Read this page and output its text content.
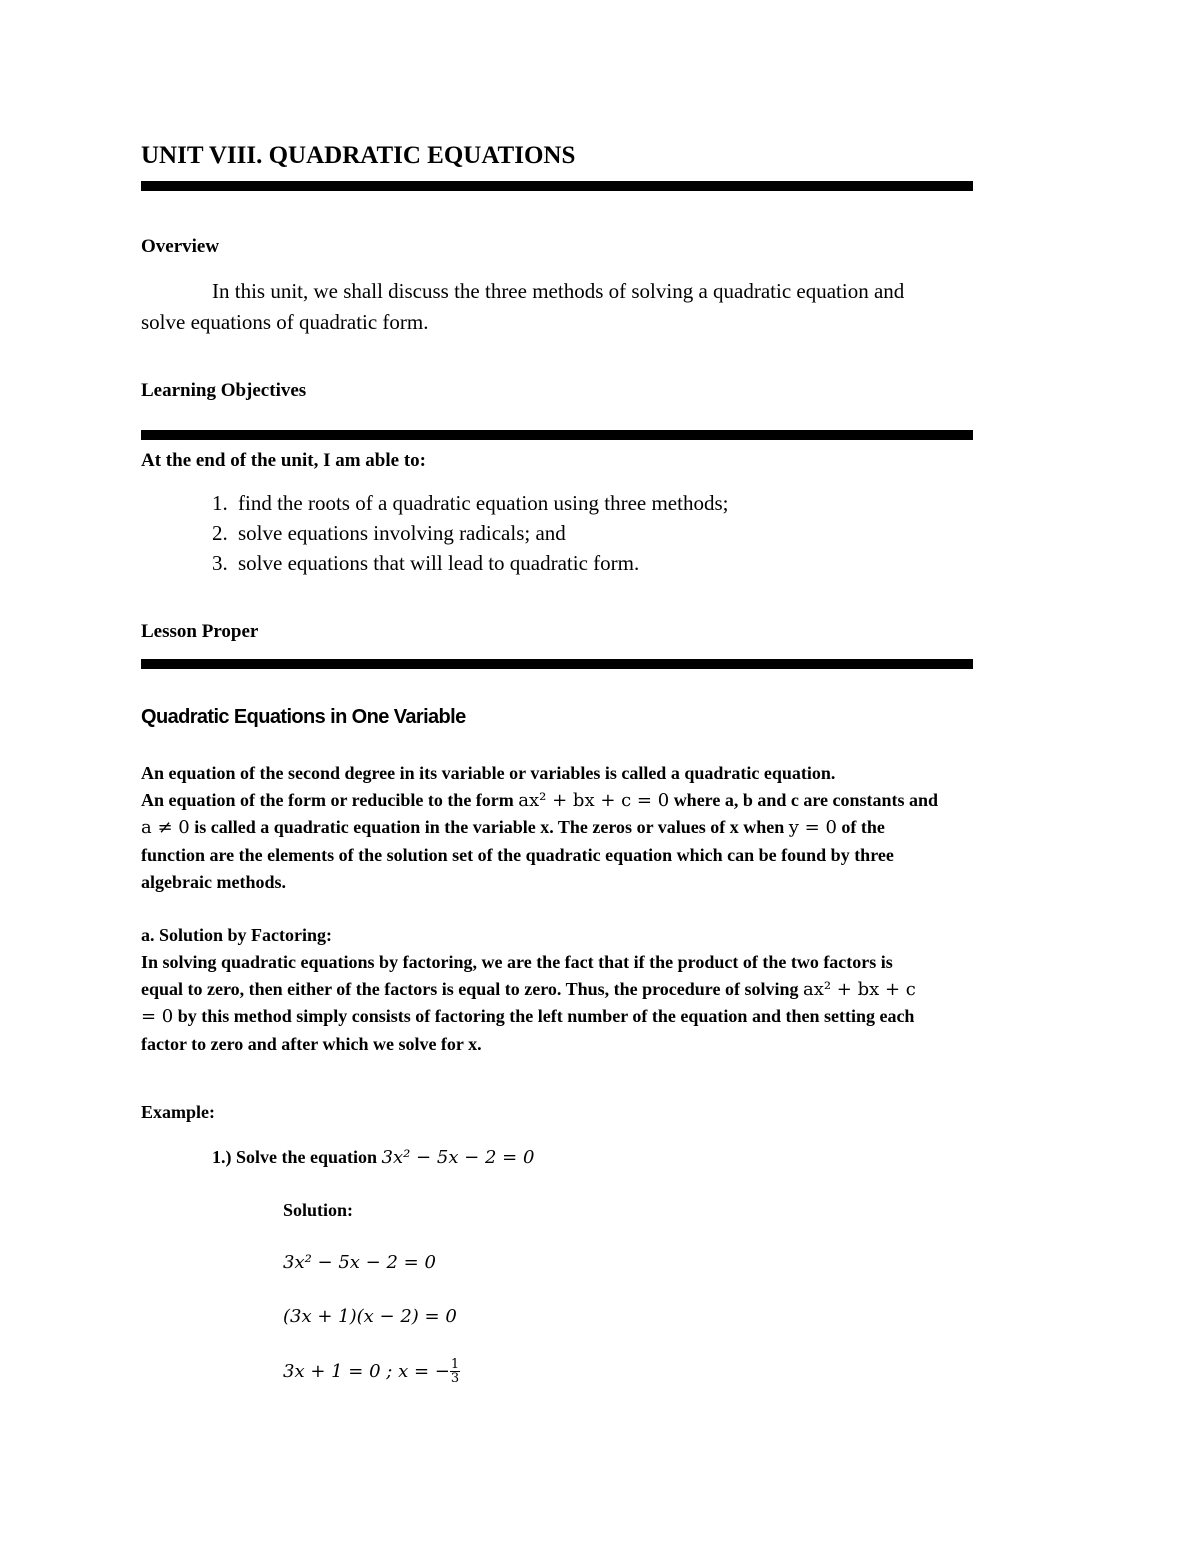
UNIT VIII. QUADRATIC EQUATIONS
Overview
In this unit, we shall discuss the three methods of solving a quadratic equation and
solve equations of quadratic form.
Learning Objectives
At the end of the unit, I am able to:
1. find the roots of a quadratic equation using three methods;
2. solve equations involving radicals; and
3. solve equations that will lead to quadratic form.
Lesson Proper
Quadratic Equations in One Variable
An equation of the second degree in its variable or variables is called a quadratic equation.
An equation of the form or reducible to the form ax² + bx + c = 0 where a, b and c are constants and
a ≠ 0 is called a quadratic equation in the variable x. The zeros or values of x when y = 0 of the
function are the elements of the solution set of the quadratic equation which can be found by three
algebraic methods.
a. Solution by Factoring:
In solving quadratic equations by factoring, we are the fact that if the product of the two factors is
equal to zero, then either of the factors is equal to zero. Thus, the procedure of solving ax² + bx + c
= 0 by this method simply consists of factoring the left number of the equation and then setting each
factor to zero and after which we solve for x.
Example:
1.) Solve the equation 3x² − 5x − 2 = 0
Solution:
3x² − 5x − 2 = 0
(3x + 1)(x − 2) = 0
3x + 1 = 0 ; x = − $\frac{1}{3}$
